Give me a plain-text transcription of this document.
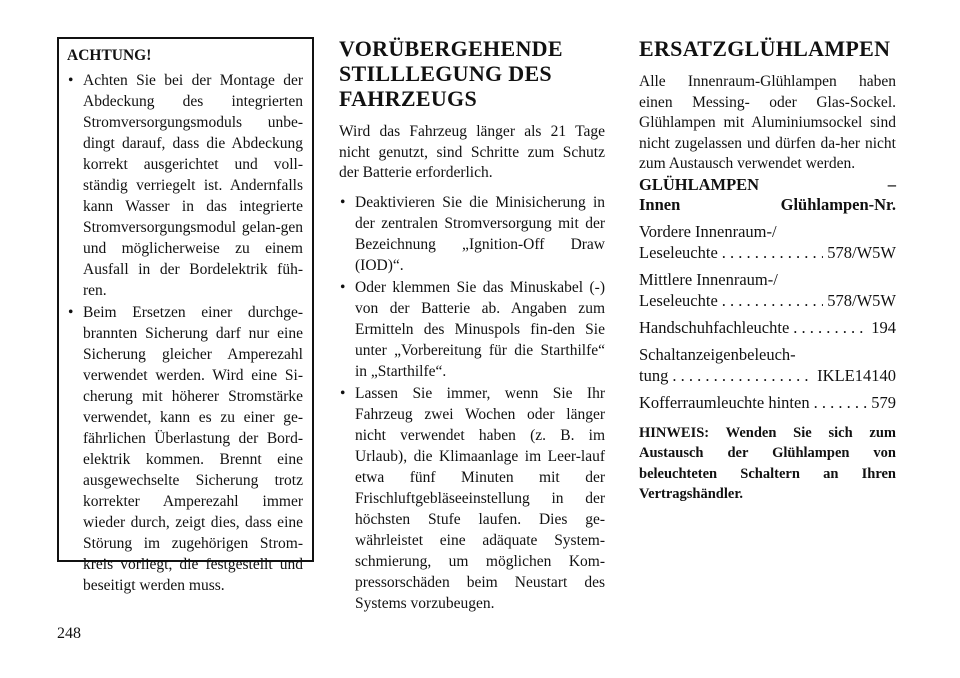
ACHTUNG!
• Achten Sie bei der Montage der Abdeckung des integrierten Stromversorgungsmoduls unbe-dingt darauf, dass die Abdeckung korrekt ausgerichtet und voll-ständig verriegelt ist. Andernfalls kann Wasser in das integrierte Stromversorgungsmodul gelan-gen und möglicherweise zu einem Ausfall in der Bordelektrik füh-ren.
• Beim Ersetzen einer durchge-brannten Sicherung darf nur eine Sicherung gleicher Amperezahl verwendet werden. Wird eine Si-cherung mit höherer Stromstärke verwendet, kann es zu einer ge-fährlichen Überlastung der Bord-elektrik kommen. Brennt eine ausgewechselte Sicherung trotz korrekter Amperezahl immer wieder durch, zeigt dies, dass eine Störung im zugehörigen Strom-kreis vorliegt, die festgestellt und beseitigt werden muss.
VORÜBERGEHENDE STILLLEGUNG DES FAHRZEUGS

Wird das Fahrzeug länger als 21 Tage nicht genutzt, sind Schritte zum Schutz der Batterie erforderlich.

• Deaktivieren Sie die Minisicherung in der zentralen Stromversorgung mit der Bezeichnung „Ignition-Off Draw (IOD)“.
• Oder klemmen Sie das Minuskabel (-) von der Batterie ab. Angaben zum Ermitteln des Minuspols fin-den Sie unter „Vorbereitung für die Starthilfe“ in „Starthilfe“.
• Lassen Sie immer, wenn Sie Ihr Fahrzeug zwei Wochen oder länger nicht verwendet haben (z. B. im Urlaub), die Klimaanlage im Leer-lauf etwa fünf Minuten mit der Frischluftgebläseeinstellung in der höchsten Stufe laufen. Dies ge-währleistet eine adäquate System-schmierung, um möglichen Kom-pressorschäden beim Neustart des Systems vorzubeugen.
ERSATZGLÜHLAMPEN

Alle Innenraum-Glühlampen haben einen Messing- oder Glas-Sockel. Glühlampen mit Aluminiumsockel sind nicht zugelassen und dürfen da-her nicht zum Austausch verwendet werden.

GLÜHLAMPEN	–
Innen	Glühlampen-Nr.
Vordere Innenraum-/
Leseleuchte . . .	578/W5W
Mittlere Innenraum-/
Leseleuchte . . .	578/W5W
Handschuhfachleuchte . . .	194
Schaltanzeigenbeleuch-
tung . . .	IKLE14140
Kofferraumleuchte hinten . . .	579
HINWEIS: Wenden Sie sich zum Austausch der Glühlampen von beleuchteten Schaltern an Ihren Vertragshändler.
248
